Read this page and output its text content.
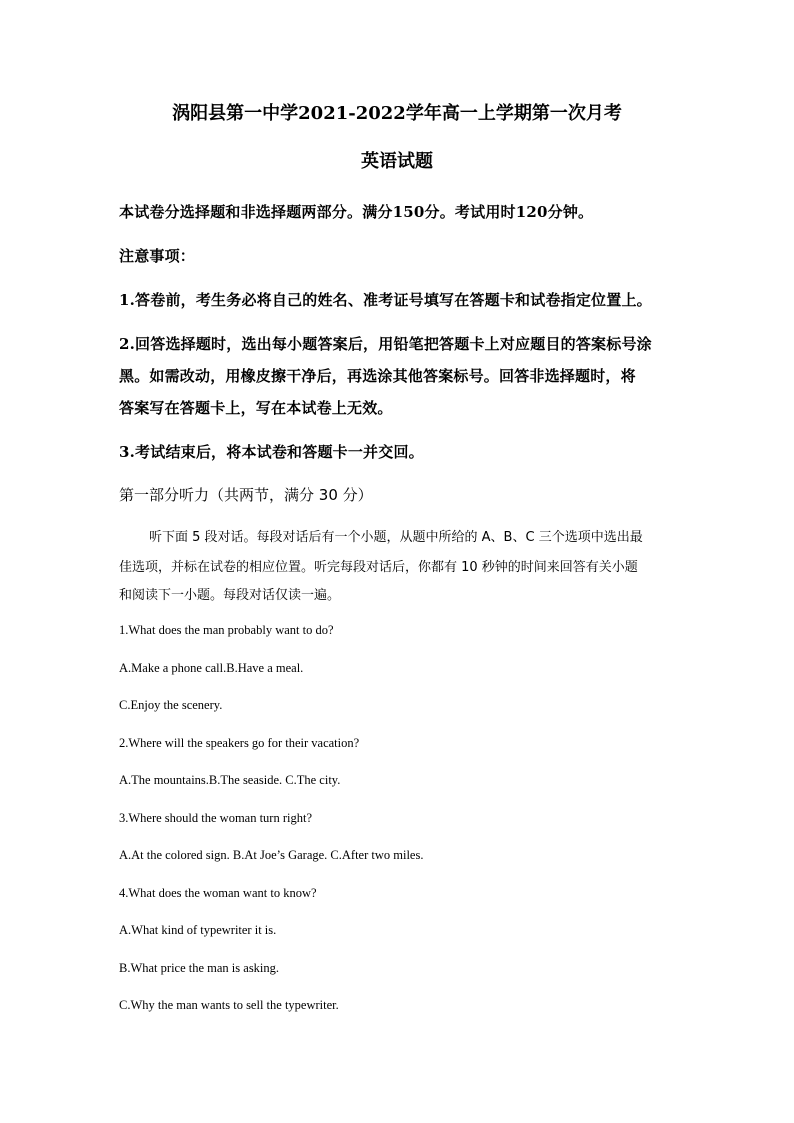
涡阳县第一中学2021-2022学年高一上学期第一次月考
英语试题
本试卷分选择题和非选择题两部分。满分150分。考试用时120分钟。
注意事项：
1.答卷前，考生务必将自己的姓名、准考证号填写在答题卡和试卷指定位置上。
2.回答选择题时，选出每小题答案后，用铅笔把答题卡上对应题目的答案标号涂
黑。如需改动，用橡皮擦干净后，再选涂其他答案标号。回答非选择题时，将
答案写在答题卡上，写在本试卷上无效。
3.考试结束后，将本试卷和答题卡一并交回。
第一部分听力（共两节，满分 30 分）
听下面 5 段对话。每段对话后有一个小题，从题中所给的 A、B、C 三个选项中选出最
佳选项，并标在试卷的相应位置。听完每段对话后，你都有 10 秒钟的时间来回答有关小题
和阅读下一小题。每段对话仅读一遍。
1.What does the man probably want to do?
A.Make a phone call.B.Have a meal.
C.Enjoy the scenery.
2.Where will the speakers go for their vacation?
A.The mountains.B.The seaside. C.The city.
3.Where should the woman turn right?
A.At the colored sign. B.At Joe’s Garage. C.After two miles.
4.What does the woman want to know?
A.What kind of typewriter it is.
B.What price the man is asking.
C.Why the man wants to sell the typewriter.
